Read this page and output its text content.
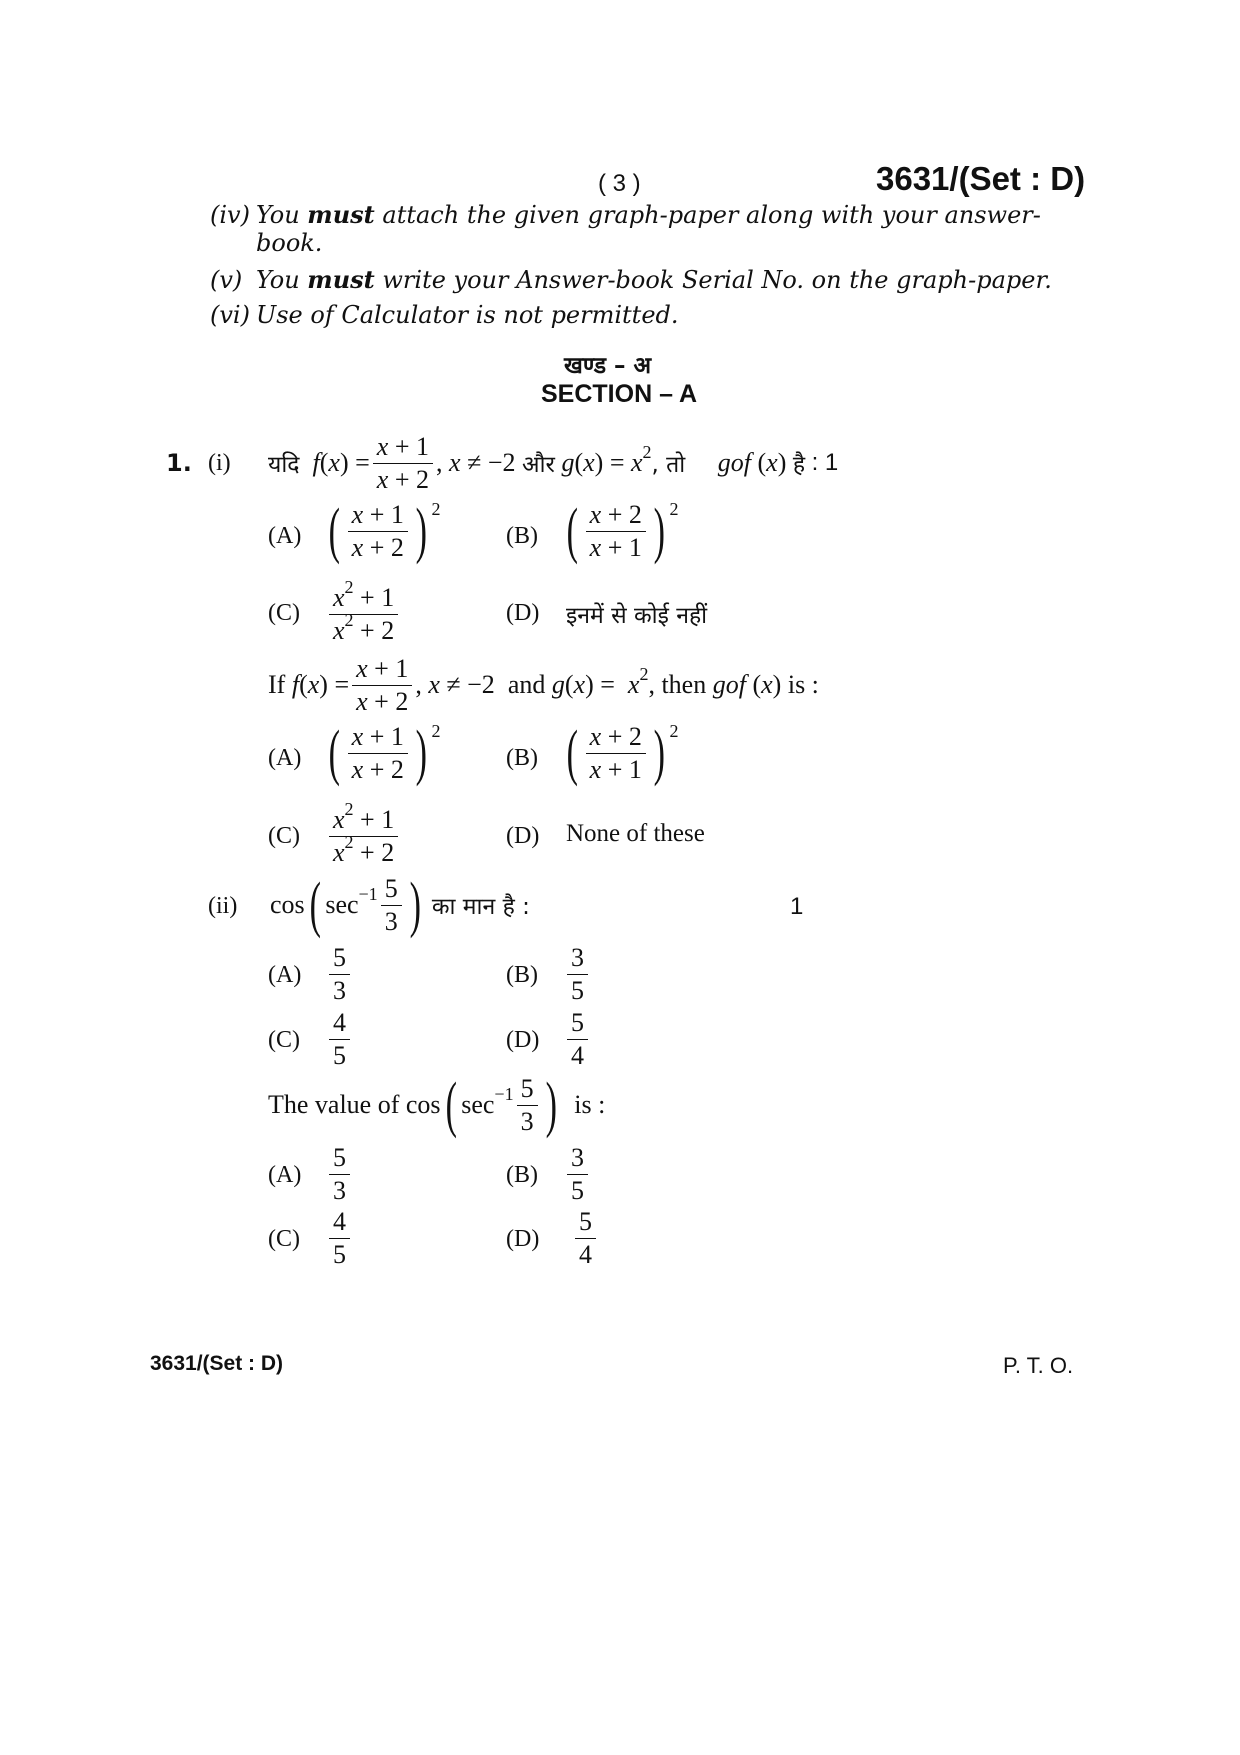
( 3 )	3631/(Set : D)
(iv) You must attach the given graph-paper along with your answer-
book.
(v) You must write your Answer-book Serial No. on the graph-paper.
(vi) Use of Calculator is not permitted.
खण्ड – अ
SECTION – A
1. (i) यदि
$f(x) = \frac{x + 1}{x + 2}$ , x ≠ −2 और
$g(x) = x^2$ , तो
gof (x) है
: 1
(A) ( $\frac{x + 1}{x + 2}$ ) 2
(B) ( $\frac{x + 2}{x + 1}$ ) 2
$(C) \frac{x^2 + 1}{x^2 + 2}$	(D) इनमें से कोई नहीं
If
$f(x) = \frac{x + 1}{x + 2}$ , x ≠ −2 and
$g(x) = x^2$ , then
gof (x) is :
(A) ( $\frac{x + 1}{x + 2}$ ) 2
(B) ( $\frac{x + 2}{x + 1}$ ) 2
$(C) \frac{x^2 + 1}{x^2 + 2}$	(D) None of these
(ii) cos ( $\sec^{-1} \frac{5}{3}$ )
का मान है :	1
$(A) \frac{5}{3}$	$(B) \frac{3}{5}$
$(C) \frac{4}{5}$	$(D) \frac{5}{4}$
The value of
cos ( $\sec^{-1} \frac{5}{3}$ )
is :
$(A) \frac{5}{3}$	$(B) \frac{3}{5}$
$(C) \frac{4}{5}$	$(D) \frac{5}{4}$
3631/(Set : D)	P. T. O.
